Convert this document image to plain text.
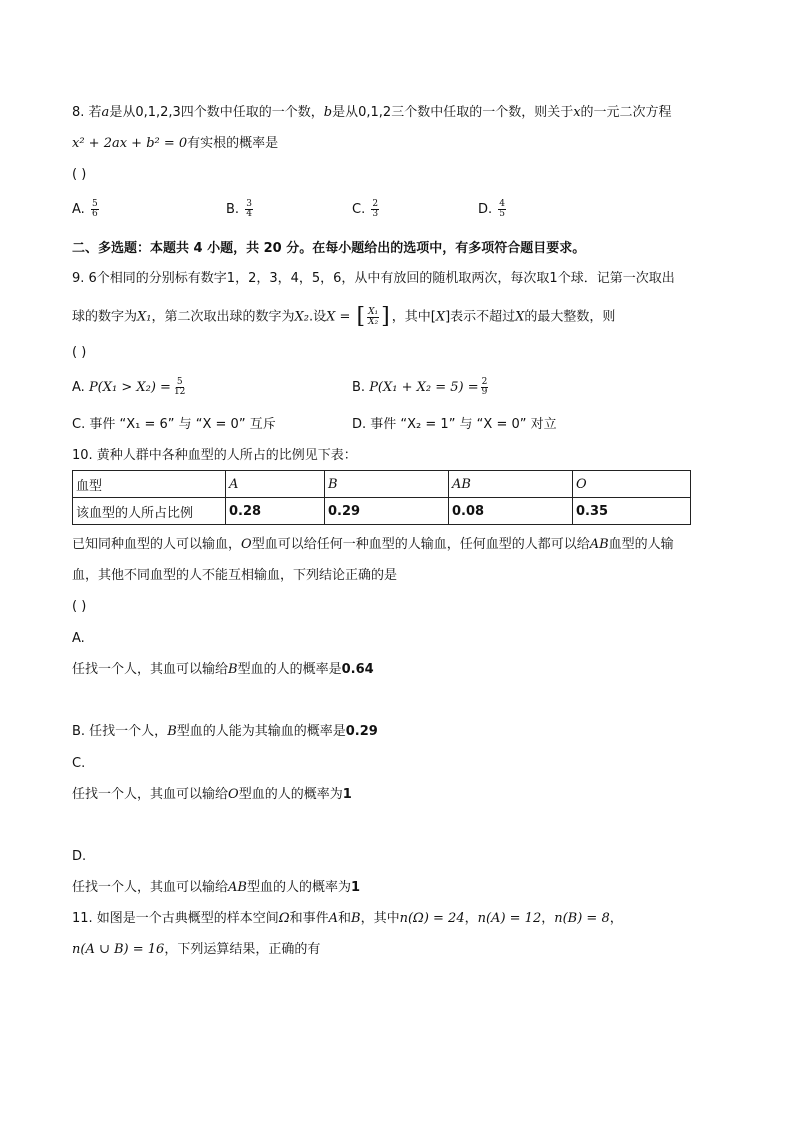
8. 若a是从0,1,2,3四个数中任取的一个数，b是从0,1,2三个数中任取的一个数，则关于x的一元二次方程
x² + 2ax + b² = 0有实根的概率是
( )
A. $\frac{5}{6}$	B. $\frac{3}{4}$	C. $\frac{2}{3}$	D. $\frac{4}{5}$
二、多选题：本题共 4 小题，共 20 分。在每小题给出的选项中，有多项符合题目要求。
9. 6个相同的分别标有数字1，2，3，4，5，6，从中有放回的随机取两次，每次取1个球．记第一次取出
球的数字为X₁，第二次取出球的数字为X₂.设X = [ $\frac{\text{X₁}}{\text{X₂}}$ ] ，其中[X]表示不超过X的最大整数，则
( )
A. $P(X_1 > X_2) = \frac{5}{12}$	B. $P(X_1 + X_2 = 5) = \frac{2}{9}$
C. 事件 “X₁ = 6” 与 “X = 0” 互斥	D. 事件 “X₂ = 1” 与 “X = 0” 对立
10. 黄种人群中各种血型的人所占的比例见下表：
血型	A	B	AB	O
该血型的人所占比例	0.28	0.29	0.08	0.35
已知同种血型的人可以输血，O型血可以给任何一种血型的人输血，任何血型的人都可以给AB血型的人输
血，其他不同血型的人不能互相输血，下列结论正确的是
( )
A.
任找一个人，其血可以输给B型血的人的概率是0.64
B. 任找一个人，B型血的人能为其输血的概率是0.29
C.
任找一个人，其血可以输给O型血的人的概率为1
D.
任找一个人，其血可以输给AB型血的人的概率为1
11. 如图是一个古典概型的样本空间Ω和事件A和B，其中n(Ω) = 24，n(A) = 12，n(B) = 8，
n(A ∪ B) = 16，下列运算结果，正确的有
